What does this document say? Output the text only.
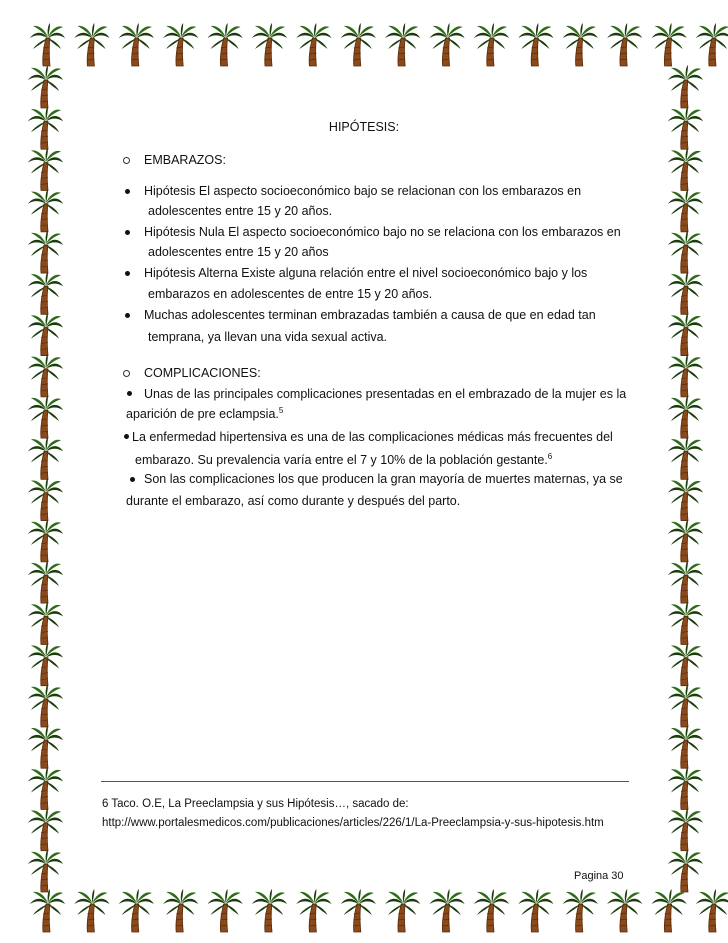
HIPÓTESIS:
EMBARAZOS:
Hipótesis El aspecto socioeconómico bajo se relacionan con los embarazos en
adolescentes entre 15 y 20 años.
Hipótesis Nula El aspecto socioeconómico bajo no se relaciona con los embarazos en
adolescentes entre 15 y 20 años
Hipótesis Alterna Existe alguna relación entre el nivel socioeconómico bajo y los
embarazos en adolescentes de entre 15 y 20 años.
Muchas adolescentes terminan embrazadas también a causa de que en edad tan
temprana, ya llevan una vida sexual activa.
COMPLICACIONES:
Unas de las principales complicaciones presentadas en el embrazado de la mujer es la
aparición de pre eclampsia.$^5$
La enfermedad hipertensiva es una de las complicaciones médicas más frecuentes del
embarazo. Su prevalencia varía entre el 7 y 10% de la población gestante.$^6$
Son las complicaciones los que producen la gran mayoría de muertes maternas, ya se
durante el embarazo, así como durante y después del parto.
6 Taco. O.E, La Preeclampsia y sus Hipótesis…, sacado de:
http://www.portalesmedicos.com/publicaciones/articles/226/1/La-Preeclampsia-y-sus-hipotesis.htm
Pagina 30
